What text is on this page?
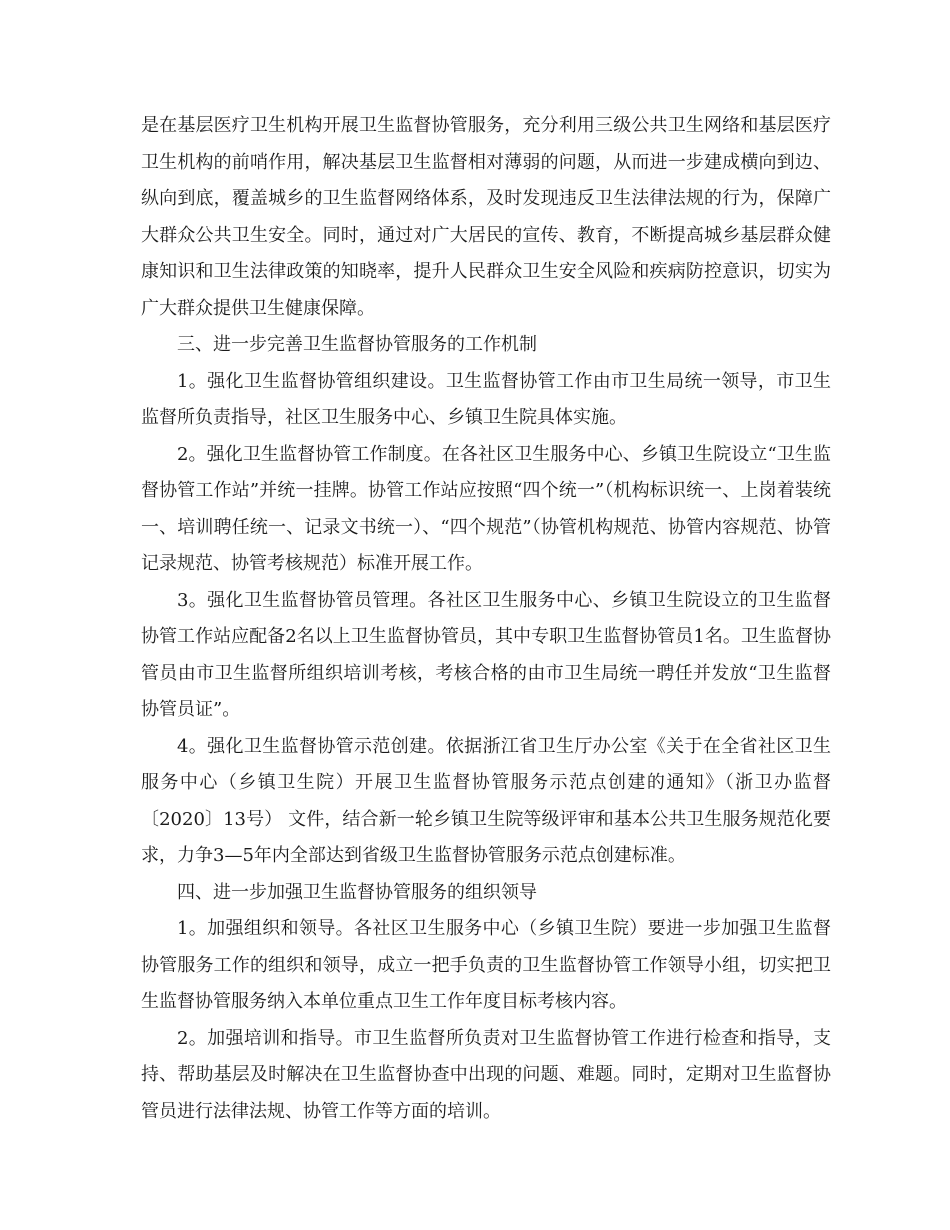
是在基层医疗卫生机构开展卫生监督协管服务，充分利用三级公共卫生网络和基层医疗卫生机构的前哨作用，解决基层卫生监督相对薄弱的问题，从而进一步建成横向到边、纵向到底，覆盖城乡的卫生监督网络体系，及时发现违反卫生法律法规的行为，保障广大群众公共卫生安全。同时，通过对广大居民的宣传、教育，不断提高城乡基层群众健康知识和卫生法律政策的知晓率，提升人民群众卫生安全风险和疾病防控意识，切实为广大群众提供卫生健康保障。

三、进一步完善卫生监督协管服务的工作机制

1。强化卫生监督协管组织建设。卫生监督协管工作由市卫生局统一领导，市卫生监督所负责指导，社区卫生服务中心、乡镇卫生院具体实施。

2。强化卫生监督协管工作制度。在各社区卫生服务中心、乡镇卫生院设立“卫生监督协管工作站”并统一挂牌。协管工作站应按照“四个统一”（机构标识统一、上岗着装统一、培训聘任统一、记录文书统一）、“四个规范”（协管机构规范、协管内容规范、协管记录规范、协管考核规范）标准开展工作。

3。强化卫生监督协管员管理。各社区卫生服务中心、乡镇卫生院设立的卫生监督协管工作站应配备2名以上卫生监督协管员，其中专职卫生监督协管员1名。卫生监督协管员由市卫生监督所组织培训考核，考核合格的由市卫生局统一聘任并发放“卫生监督协管员证”。

4。强化卫生监督协管示范创建。依据浙江省卫生厅办公室《关于在全省社区卫生服务中心（乡镇卫生院）开展卫生监督协管服务示范点创建的通知》（浙卫办监督〔2020〕13号） 文件，结合新一轮乡镇卫生院等级评审和基本公共卫生服务规范化要求，力争3—5年内全部达到省级卫生监督协管服务示范点创建标准。

四、进一步加强卫生监督协管服务的组织领导

1。加强组织和领导。各社区卫生服务中心（乡镇卫生院）要进一步加强卫生监督协管服务工作的组织和领导，成立一把手负责的卫生监督协管工作领导小组，切实把卫生监督协管服务纳入本单位重点卫生工作年度目标考核内容。

2。加强培训和指导。市卫生监督所负责对卫生监督协管工作进行检查和指导，支持、帮助基层及时解决在卫生监督协查中出现的问题、难题。同时，定期对卫生监督协管员进行法律法规、协管工作等方面的培训。
